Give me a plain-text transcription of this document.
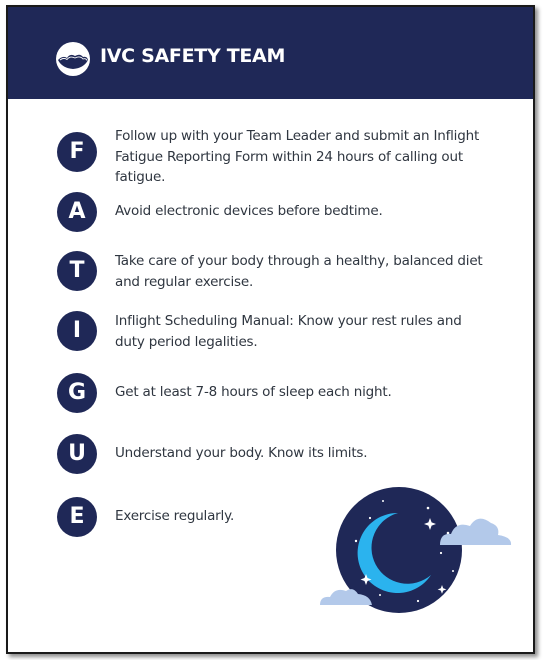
IVC SAFETY TEAM
F
Follow up with your Team Leader and submit an Inflight Fatigue Reporting Form within 24 hours of calling out fatigue.
A	Avoid electronic devices before bedtime.
T	Take care of your body through a healthy, balanced diet and regular exercise.
I	Inflight Scheduling Manual: Know your rest rules and duty period legalities.
G	Get at least 7-8 hours of sleep each night.
U	Understand your body. Know its limits.
E	Exercise regularly.
